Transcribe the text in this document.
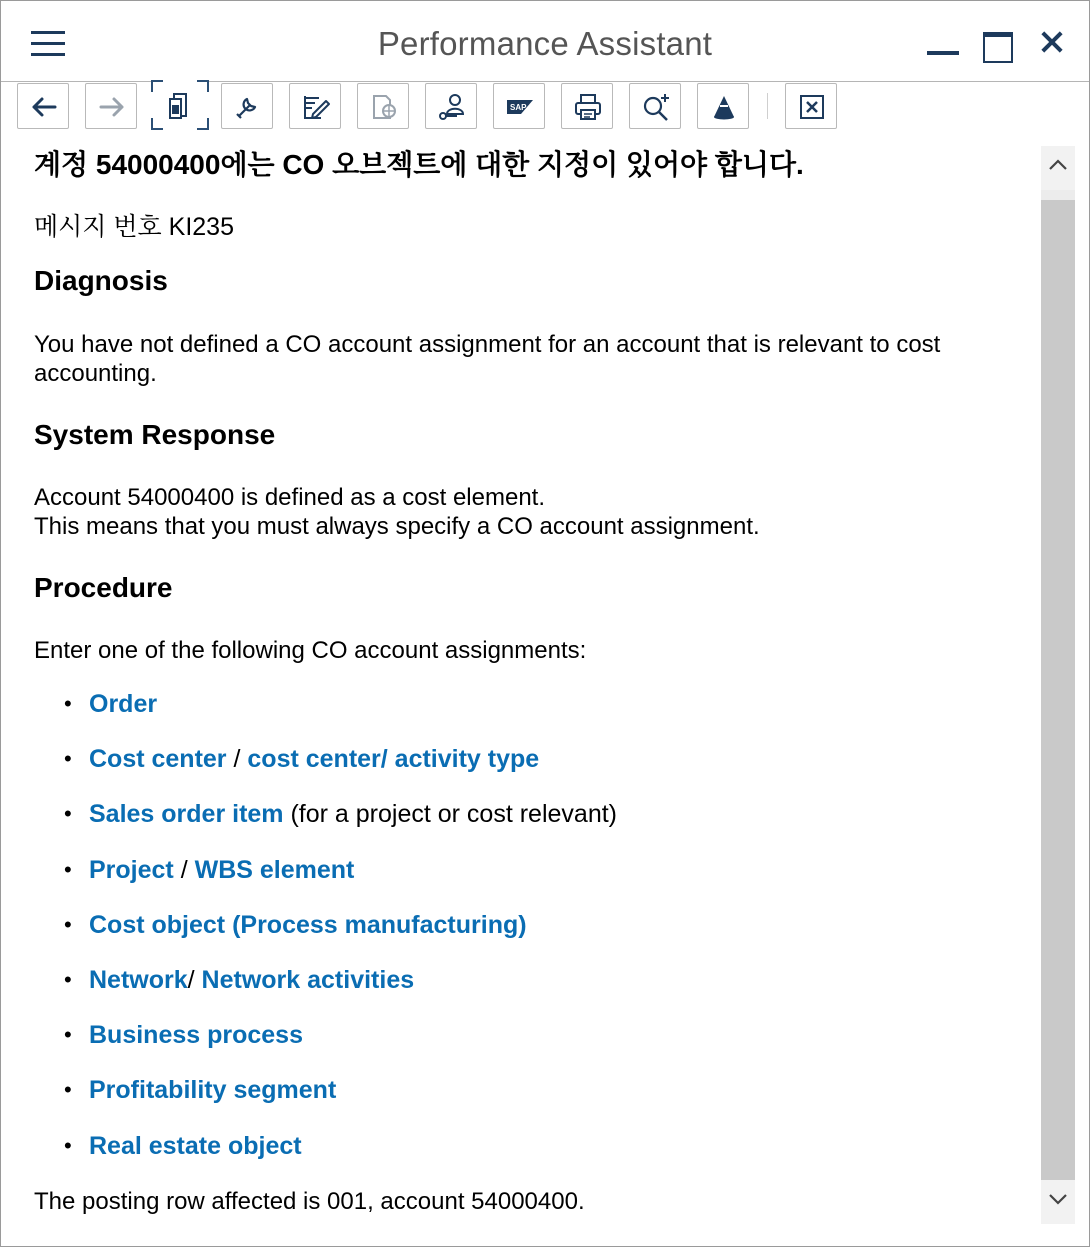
Performance Assistant
SAP
계정 54000400에는 CO 오브젝트에 대한 지정이 있어야 합니다.
메시지 번호 KI235
Diagnosis
You have not defined a CO account assignment for an account that is relevant to cost accounting.
System Response
Account 54000400 is defined as a cost element.
This means that you must always specify a CO account assignment.
Procedure
Enter one of the following CO account assignments:
• Order
• Cost center / cost center/ activity type
• Sales order item (for a project or cost relevant)
• Project / WBS element
• Cost object (Process manufacturing)
• Network/ Network activities
• Business process
• Profitability segment
• Real estate object
The posting row affected is 001, account 54000400.
